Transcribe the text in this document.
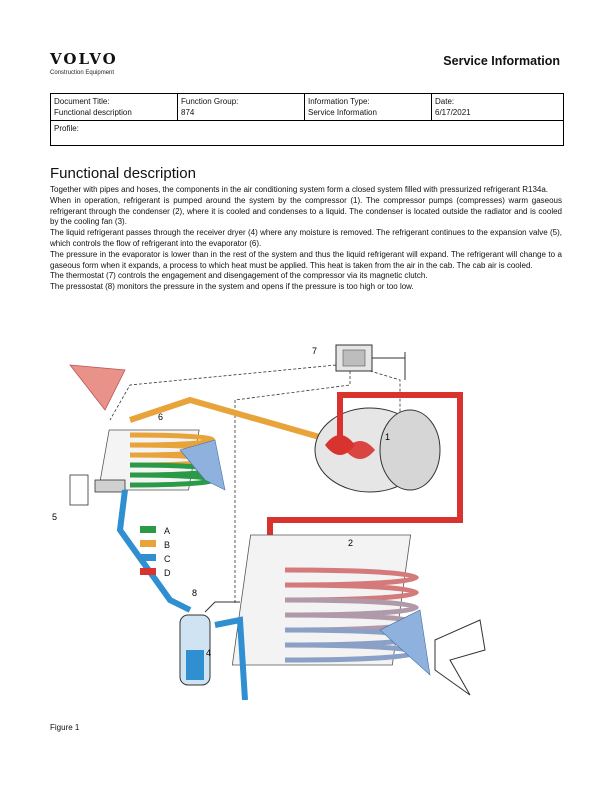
VOLVO
Construction Equipment
Service Information
Document Title:
Functional description
Function Group:
874
Information Type:
Service Information
Date:
6/17/2021
Profile:
Functional description

Together with pipes and hoses, the components in the air conditioning system form a closed system filled with pressurized refrigerant R134a.

When in operation, refrigerant is pumped around the system by the compressor (1). The compressor pumps (compresses) warm gaseous refrigerant through the condenser (2), where it is cooled and condenses to a liquid. The condenser is located outside the radiator and is cooled by the cooling fan (3).

The liquid refrigerant passes through the receiver dryer (4) where any moisture is removed. The refrigerant continues to the expansion valve (5), which controls the flow of refrigerant into the evaporator (6).

The pressure in the evaporator is lower than in the rest of the system and thus the liquid refrigerant will expand. The refrigerant will change to a gaseous form when it expands, a process to which heat must be applied. This heat is taken from the air in the cab. The cab air is cooled.

The thermostat (7) controls the engagement and disengagement of the compressor via its magnetic clutch.

The pressostat (8) monitors the pressure in the system and opens if the pressure is too high or too low.

A
B
C
D
7
6
1
5
2
8
4
Figure 1
